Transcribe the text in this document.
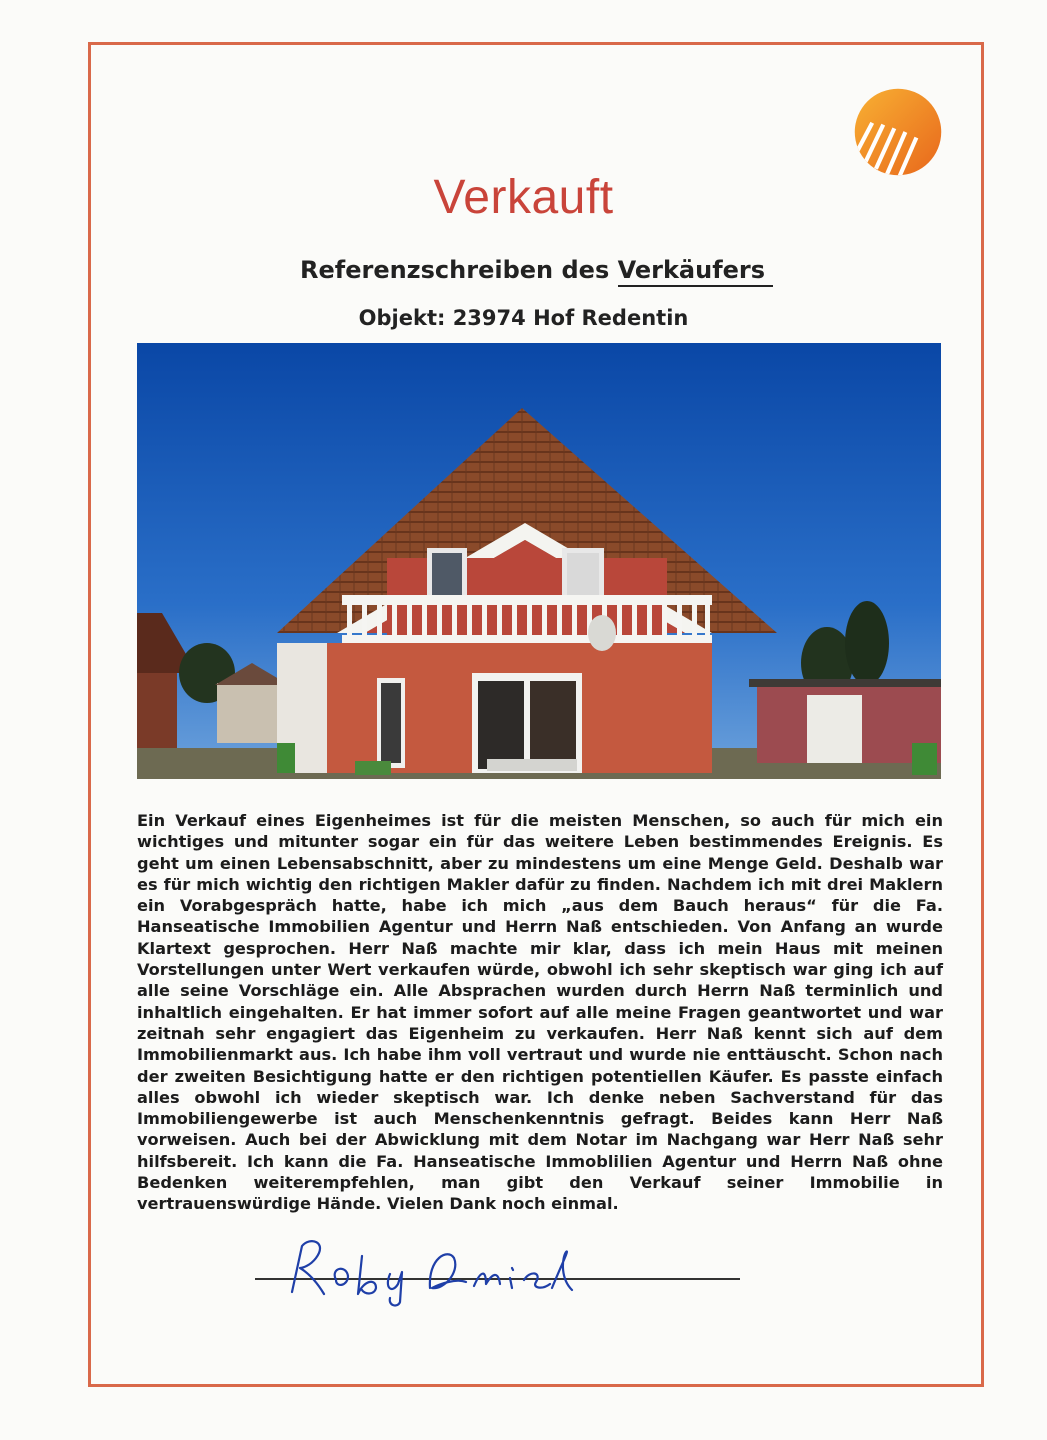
Verkauft
Referenzschreiben des Verkäufers
Objekt: 23974 Hof Redentin

Ein Verkauf eines Eigenheimes ist für die meisten Menschen, so auch für mich ein wichtiges und mitunter sogar ein für das weitere Leben bestimmendes Ereignis. Es geht um einen Lebensabschnitt, aber zu mindestens um eine Menge Geld. Deshalb war es für mich wichtig den richtigen Makler dafür zu finden. Nachdem ich mit drei Maklern ein Vorabgespräch hatte, habe ich mich „aus dem Bauch heraus“ für die Fa. Hanseatische Immobilien Agentur und Herrn Naß entschieden. Von Anfang an wurde Klartext gesprochen. Herr Naß machte mir klar, dass ich mein Haus mit meinen Vorstellungen unter Wert verkaufen würde, obwohl ich sehr skeptisch war ging ich auf alle seine Vorschläge ein. Alle Absprachen wurden durch Herrn Naß terminlich und inhaltlich eingehalten. Er hat immer sofort auf alle meine Fragen geantwortet und war zeitnah sehr engagiert das Eigenheim zu verkaufen. Herr Naß kennt sich auf dem Immobilienmarkt aus. Ich habe ihm voll vertraut und wurde nie enttäuscht. Schon nach der zweiten Besichtigung hatte er den richtigen potentiellen Käufer. Es passte einfach alles obwohl ich wieder skeptisch war. Ich denke neben Sachverstand für das Immobiliengewerbe ist auch Menschenkenntnis gefragt. Beides kann Herr Naß vorweisen. Auch bei der Abwicklung mit dem Notar im Nachgang war Herr Naß sehr hilfsbereit. Ich kann die Fa. Hanseatische Immoblilien Agentur und Herrn Naß ohne Bedenken weiterempfehlen, man gibt den Verkauf seiner Immobilie in vertrauenswürdige Hände. Vielen Dank noch einmal.
